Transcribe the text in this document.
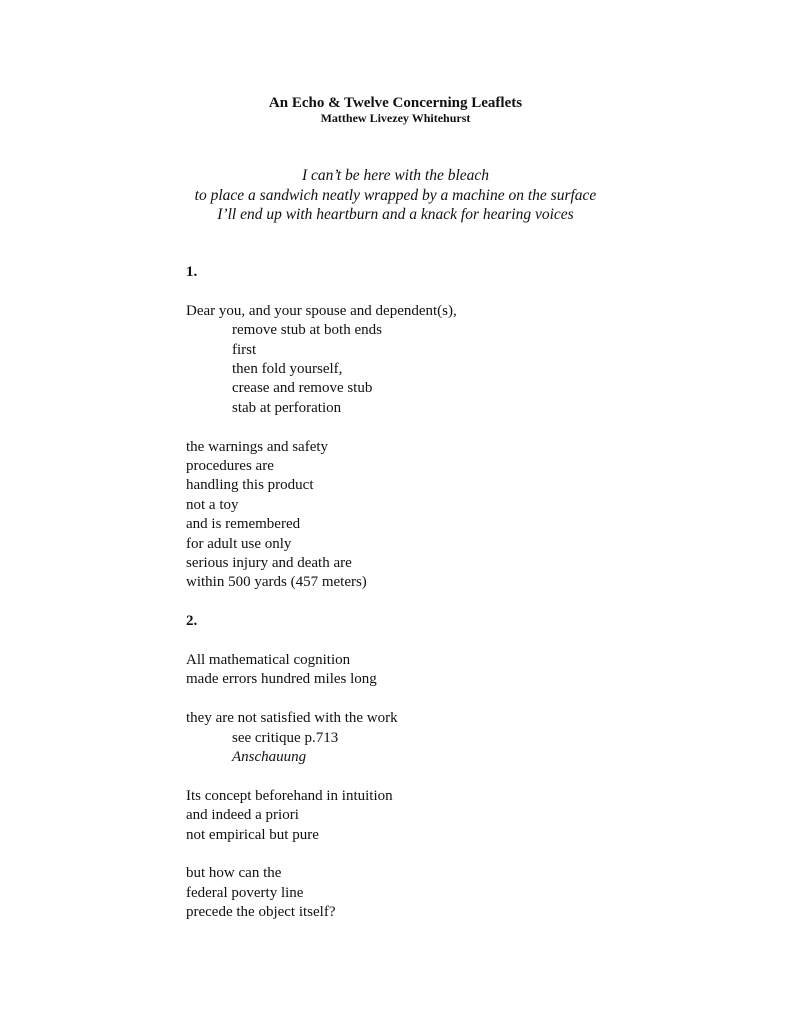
An Echo & Twelve Concerning Leaflets
Matthew Livezey Whitehurst
I can’t be here with the bleach
to place a sandwich neatly wrapped by a machine on the surface
I’ll end up with heartburn and a knack for hearing voices
1.
Dear you, and your spouse and dependent(s),
remove stub at both ends
first
then fold yourself,
crease and remove stub
stab at perforation
the warnings and safety
procedures are
handling this product
not a toy
and is remembered
for adult use only
serious injury and death are
within 500 yards (457 meters)
2.
All mathematical cognition
made errors hundred miles long
they are not satisfied with the work
see critique p.713
Anschauung
Its concept beforehand in intuition
and indeed a priori
not empirical but pure
but how can the
federal poverty line
precede the object itself?
